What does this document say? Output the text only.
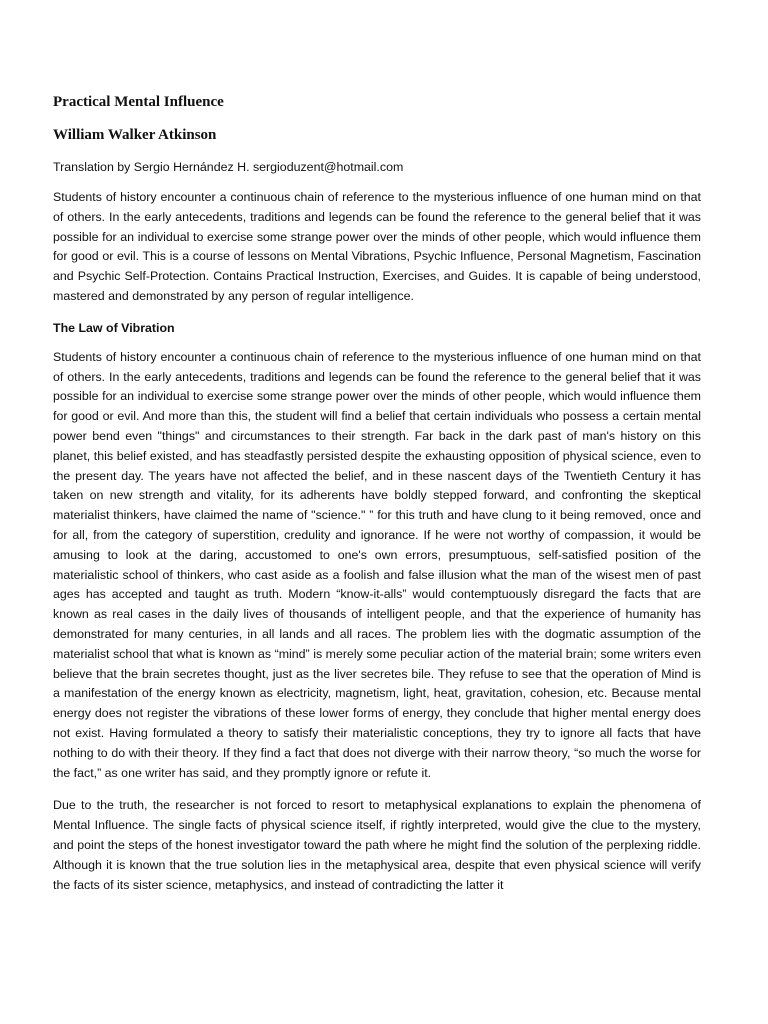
Practical Mental Influence
William Walker Atkinson

Translation by Sergio Hernández H. sergioduzent@hotmail.com

Students of history encounter a continuous chain of reference to the mysterious influence of one human mind on that of others. In the early antecedents, traditions and legends can be found the reference to the general belief that it was possible for an individual to exercise some strange power over the minds of other people, which would influence them for good or evil. This is a course of lessons on Mental Vibrations, Psychic Influence, Personal Magnetism, Fascination and Psychic Self-Protection. Contains Practical Instruction, Exercises, and Guides. It is capable of being understood, mastered and demonstrated by any person of regular intelligence.

The Law of Vibration

Students of history encounter a continuous chain of reference to the mysterious influence of one human mind on that of others. In the early antecedents, traditions and legends can be found the reference to the general belief that it was possible for an individual to exercise some strange power over the minds of other people, which would influence them for good or evil. And more than this, the student will find a belief that certain individuals who possess a certain mental power bend even "things" and circumstances to their strength. Far back in the dark past of man's history on this planet, this belief existed, and has steadfastly persisted despite the exhausting opposition of physical science, even to the present day. The years have not affected the belief, and in these nascent days of the Twentieth Century it has taken on new strength and vitality, for its adherents have boldly stepped forward, and confronting the skeptical materialist thinkers, have claimed the name of "science." ” for this truth and have clung to it being removed, once and for all, from the category of superstition, credulity and ignorance. If he were not worthy of compassion, it would be amusing to look at the daring, accustomed to one's own errors, presumptuous, self-satisfied position of the materialistic school of thinkers, who cast aside as a foolish and false illusion what the man of the wisest men of past ages has accepted and taught as truth. Modern “know-it-alls” would contemptuously disregard the facts that are known as real cases in the daily lives of thousands of intelligent people, and that the experience of humanity has demonstrated for many centuries, in all lands and all races. The problem lies with the dogmatic assumption of the materialist school that what is known as “mind” is merely some peculiar action of the material brain; some writers even believe that the brain secretes thought, just as the liver secretes bile. They refuse to see that the operation of Mind is a manifestation of the energy known as electricity, magnetism, light, heat, gravitation, cohesion, etc. Because mental energy does not register the vibrations of these lower forms of energy, they conclude that higher mental energy does not exist. Having formulated a theory to satisfy their materialistic conceptions, they try to ignore all facts that have nothing to do with their theory. If they find a fact that does not diverge with their narrow theory, “so much the worse for the fact,” as one writer has said, and they promptly ignore or refute it.

Due to the truth, the researcher is not forced to resort to metaphysical explanations to explain the phenomena of Mental Influence. The single facts of physical science itself, if rightly interpreted, would give the clue to the mystery, and point the steps of the honest investigator toward the path where he might find the solution of the perplexing riddle. Although it is known that the true solution lies in the metaphysical area, despite that even physical science will verify the facts of its sister science, metaphysics, and instead of contradicting the latter it
